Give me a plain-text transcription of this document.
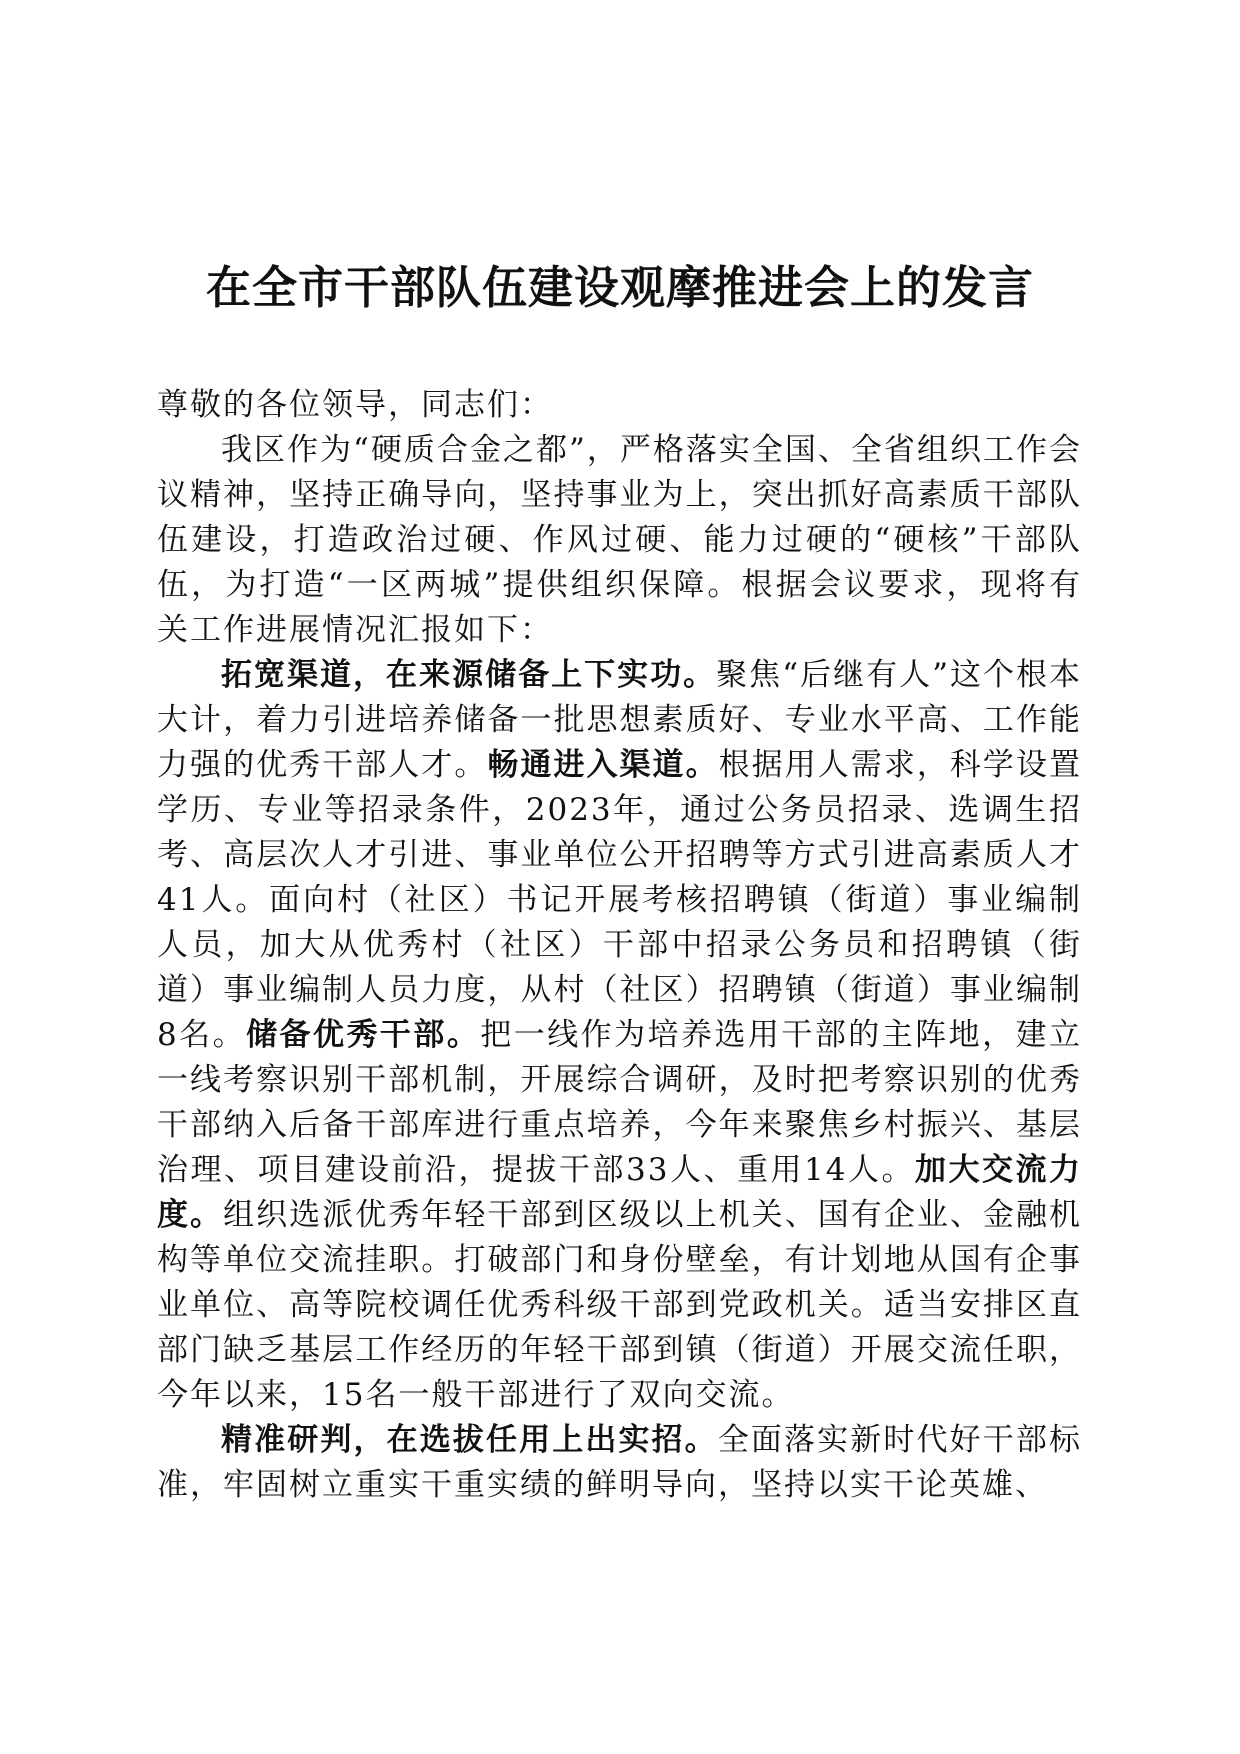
在全市干部队伍建设观摩推进会上的发言

尊敬的各位领导，同志们：

我区作为“硬质合金之都”，严格落实全国、全省组织工作会议精神，坚持正确导向，坚持事业为上，突出抓好高素质干部队伍建设，打造政治过硬、作风过硬、能力过硬的“硬核”干部队伍，为打造“一区两城”提供组织保障。根据会议要求，现将有关工作进展情况汇报如下：

拓宽渠道，在来源储备上下实功。聚焦“后继有人”这个根本大计，着力引进培养储备一批思想素质好、专业水平高、工作能力强的优秀干部人才。畅通进入渠道。根据用人需求，科学设置学历、专业等招录条件，2023年，通过公务员招录、选调生招考、高层次人才引进、事业单位公开招聘等方式引进高素质人才41人。面向村（社区）书记开展考核招聘镇（街道）事业编制人员，加大从优秀村（社区）干部中招录公务员和招聘镇（街道）事业编制人员力度，从村（社区）招聘镇（街道）事业编制8名。储备优秀干部。把一线作为培养选用干部的主阵地，建立一线考察识别干部机制，开展综合调研，及时把考察识别的优秀干部纳入后备干部库进行重点培养，今年来聚焦乡村振兴、基层治理、项目建设前沿，提拔干部33人、重用14人。加大交流力度。组织选派优秀年轻干部到区级以上机关、国有企业、金融机构等单位交流挂职。打破部门和身份壁垒，有计划地从国有企事业单位、高等院校调任优秀科级干部到党政机关。适当安排区直部门缺乏基层工作经历的年轻干部到镇（街道）开展交流任职，今年以来，15名一般干部进行了双向交流。

精准研判，在选拔任用上出实招。全面落实新时代好干部标准，牢固树立重实干重实绩的鲜明导向，坚持以实干论英雄、
